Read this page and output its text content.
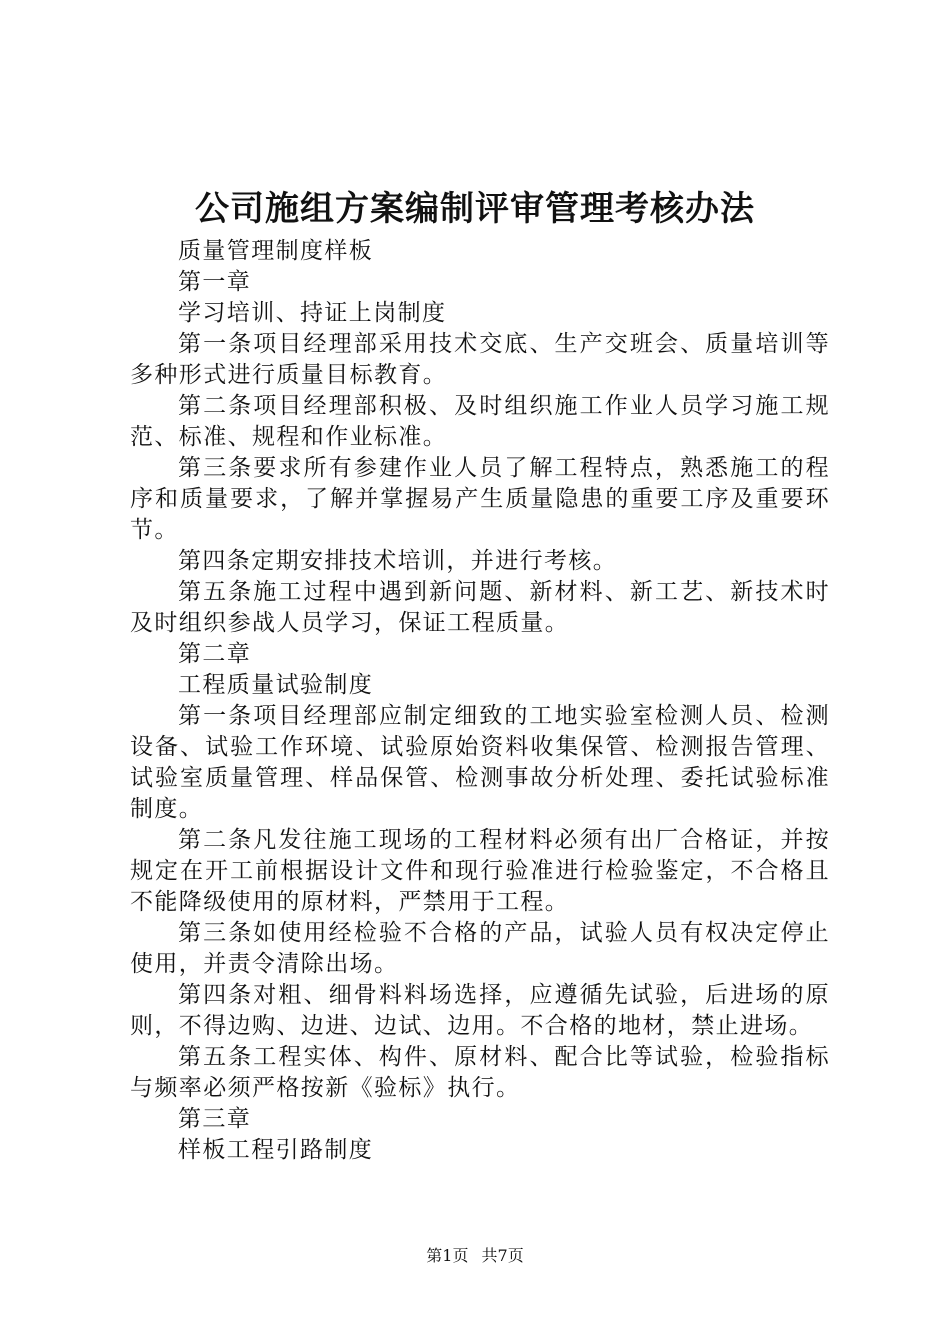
公司施组方案编制评审管理考核办法

质量管理制度样板

第一章

学习培训、持证上岗制度

第一条项目经理部采用技术交底、生产交班会、质量培训等多种形式进行质量目标教育。

第二条项目经理部积极、及时组织施工作业人员学习施工规范、标准、规程和作业标准。

第三条要求所有参建作业人员了解工程特点，熟悉施工的程序和质量要求，了解并掌握易产生质量隐患的重要工序及重要环节。

第四条定期安排技术培训，并进行考核。

第五条施工过程中遇到新问题、新材料、新工艺、新技术时及时组织参战人员学习，保证工程质量。

第二章

工程质量试验制度

第一条项目经理部应制定细致的工地实验室检测人员、检测设备、试验工作环境、试验原始资料收集保管、检测报告管理、试验室质量管理、样品保管、检测事故分析处理、委托试验标准制度。

第二条凡发往施工现场的工程材料必须有出厂合格证，并按规定在开工前根据设计文件和现行验准进行检验鉴定，不合格且不能降级使用的原材料，严禁用于工程。

第三条如使用经检验不合格的产品，试验人员有权决定停止使用，并责令清除出场。

第四条对粗、细骨料料场选择，应遵循先试验，后进场的原则，不得边购、边进、边试、边用。不合格的地材，禁止进场。

第五条工程实体、构件、原材料、配合比等试验，检验指标与频率必须严格按新《验标》执行。

第三章

样板工程引路制度

第1页 共7页
